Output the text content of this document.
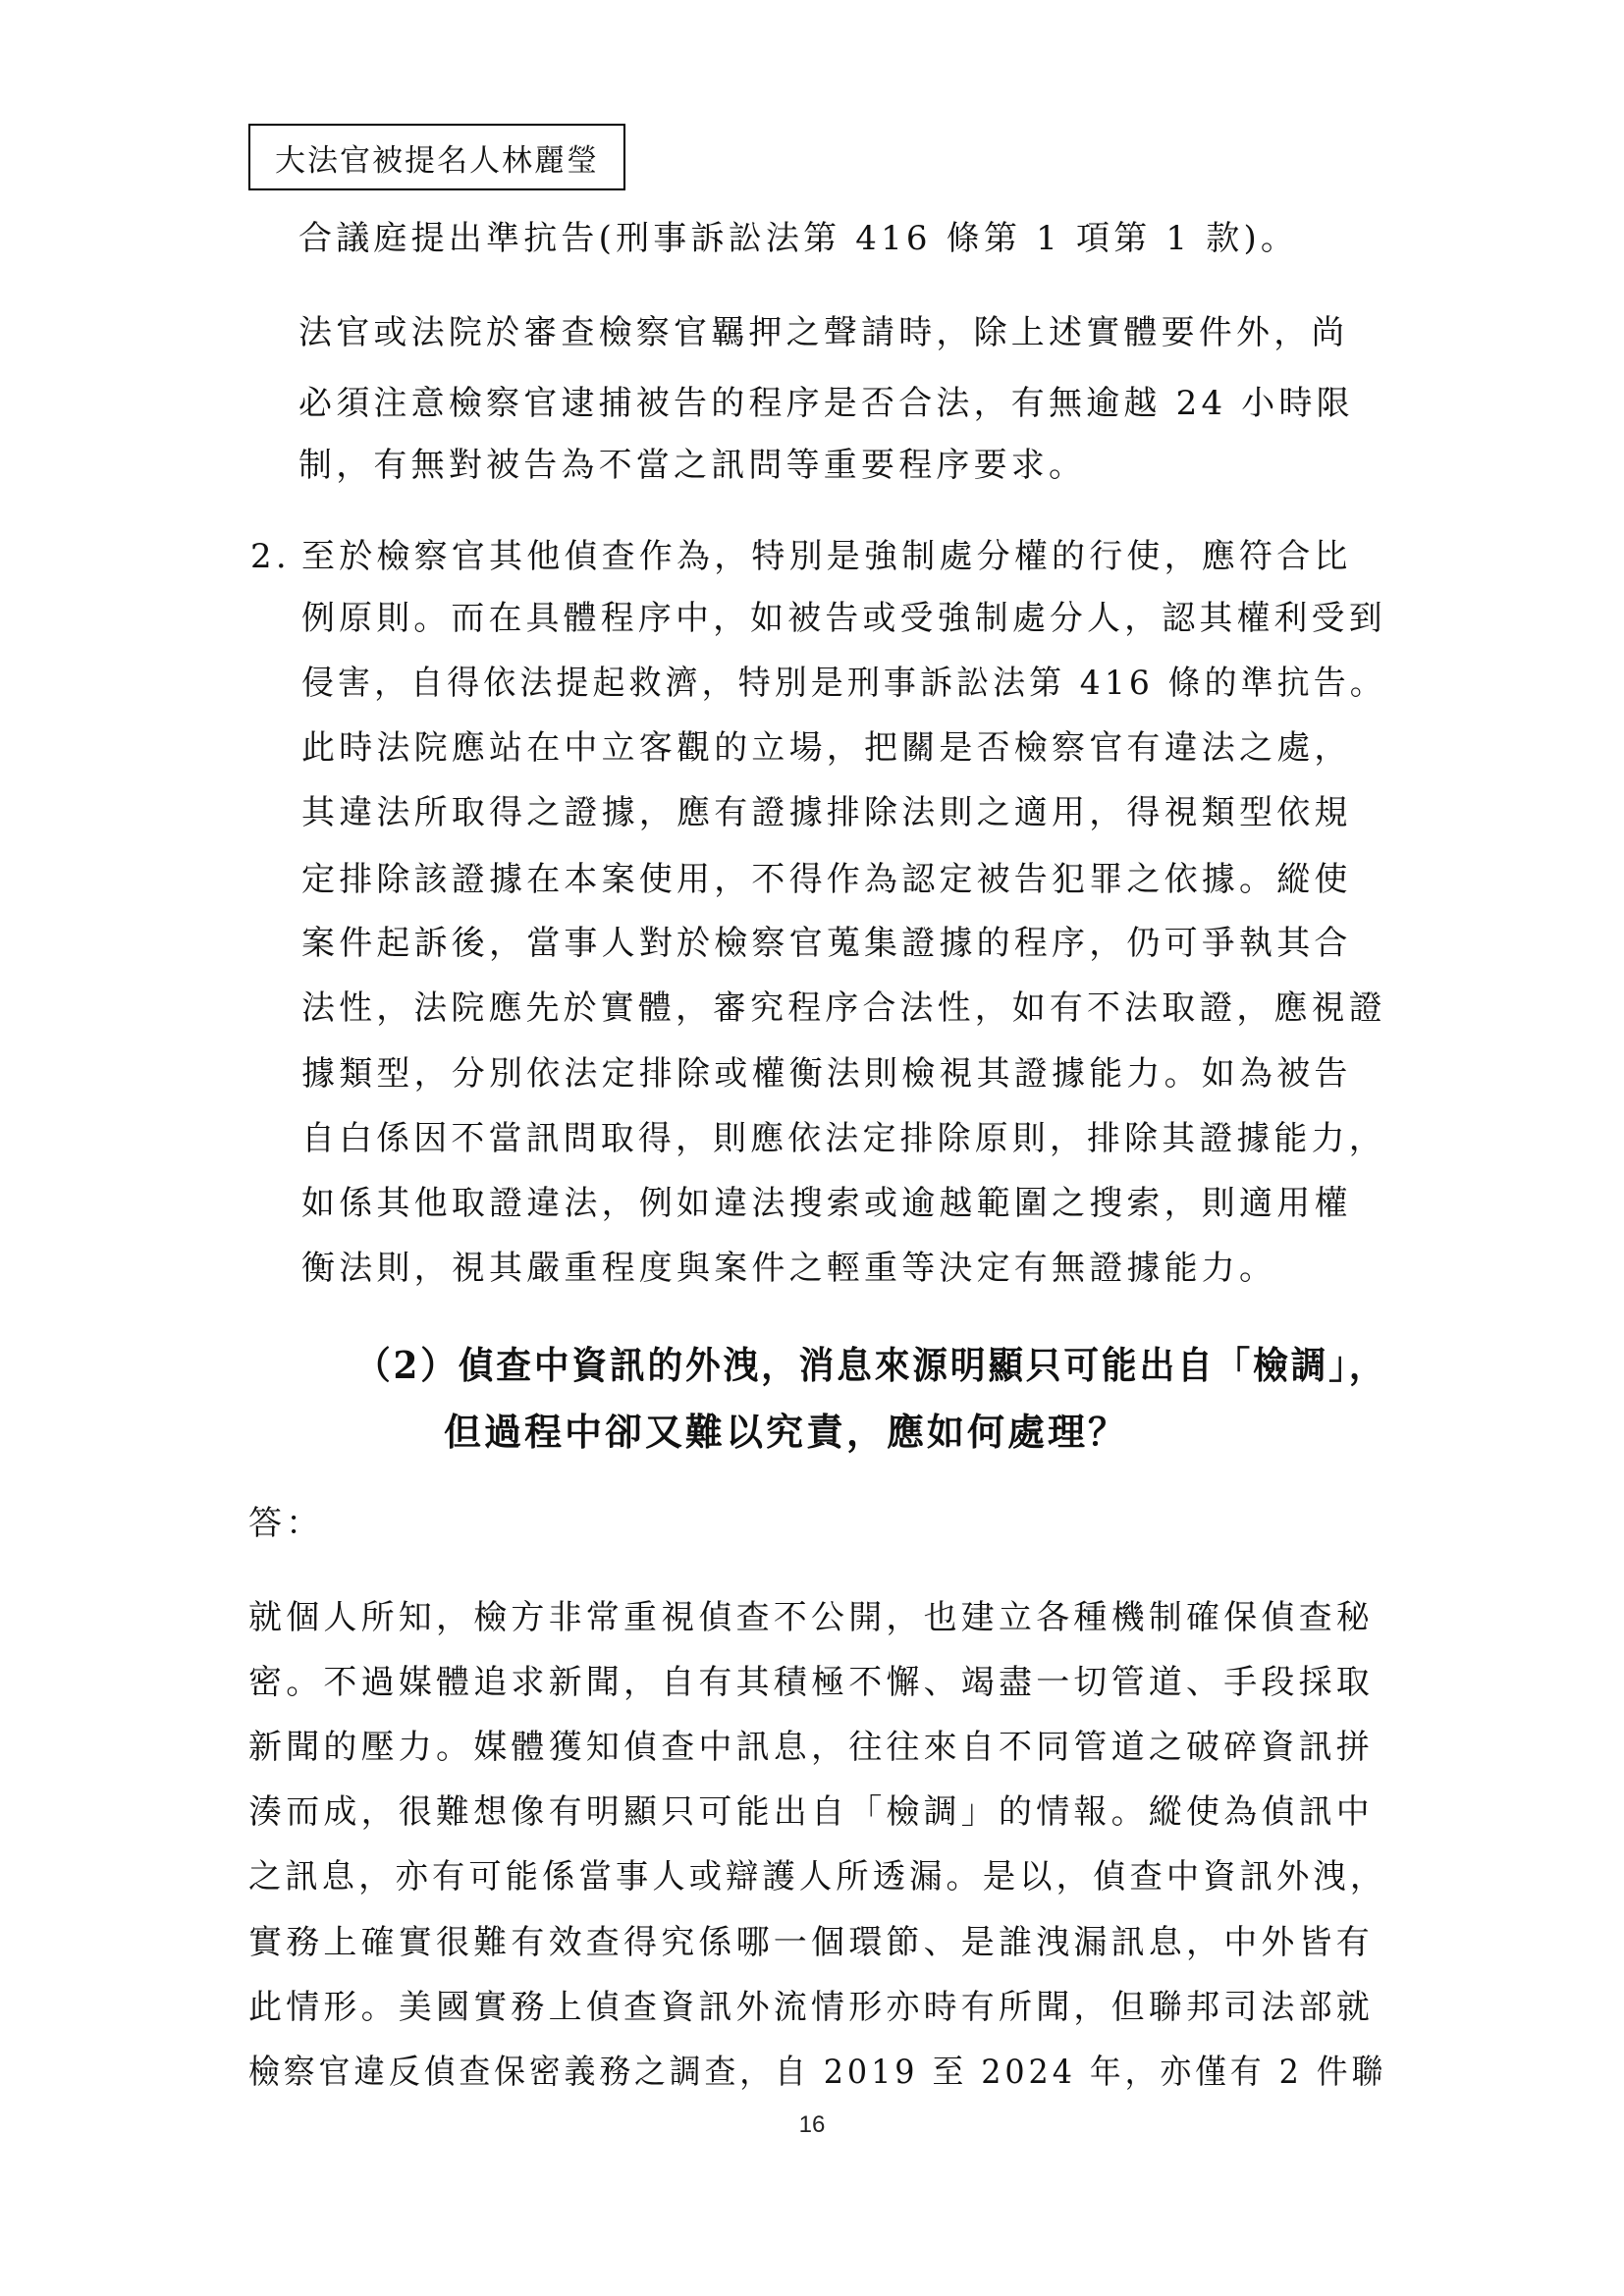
大法官被提名人林麗瑩
合議庭提出準抗告(刑事訴訟法第 416 條第 1 項第 1 款)。
法官或法院於審查檢察官羈押之聲請時，除上述實體要件外，尚
必須注意檢察官逮捕被告的程序是否合法，有無逾越 24 小時限
制，有無對被告為不當之訊問等重要程序要求。
2. 至於檢察官其他偵查作為，特別是強制處分權的行使，應符合比
例原則。而在具體程序中，如被告或受強制處分人，認其權利受到
侵害，自得依法提起救濟，特別是刑事訴訟法第 416 條的準抗告。
此時法院應站在中立客觀的立場，把關是否檢察官有違法之處，
其違法所取得之證據，應有證據排除法則之適用，得視類型依規
定排除該證據在本案使用，不得作為認定被告犯罪之依據。縱使
案件起訴後，當事人對於檢察官蒐集證據的程序，仍可爭執其合
法性，法院應先於實體，審究程序合法性，如有不法取證，應視證
據類型，分別依法定排除或權衡法則檢視其證據能力。如為被告
自白係因不當訊問取得，則應依法定排除原則，排除其證據能力，
如係其他取證違法，例如違法搜索或逾越範圍之搜索，則適用權
衡法則，視其嚴重程度與案件之輕重等決定有無證據能力。
（2）偵查中資訊的外洩，消息來源明顯只可能出自「檢調」，
但過程中卻又難以究責，應如何處理？
答：
就個人所知，檢方非常重視偵查不公開，也建立各種機制確保偵查秘
密。不過媒體追求新聞，自有其積極不懈、竭盡一切管道、手段採取
新聞的壓力。媒體獲知偵查中訊息，往往來自不同管道之破碎資訊拼
湊而成，很難想像有明顯只可能出自「檢調」的情報。縱使為偵訊中
之訊息，亦有可能係當事人或辯護人所透漏。是以，偵查中資訊外洩，
實務上確實很難有效查得究係哪一個環節、是誰洩漏訊息，中外皆有
此情形。美國實務上偵查資訊外流情形亦時有所聞，但聯邦司法部就
檢察官違反偵查保密義務之調查，自 2019 至 2024 年，亦僅有 2 件聯
16
